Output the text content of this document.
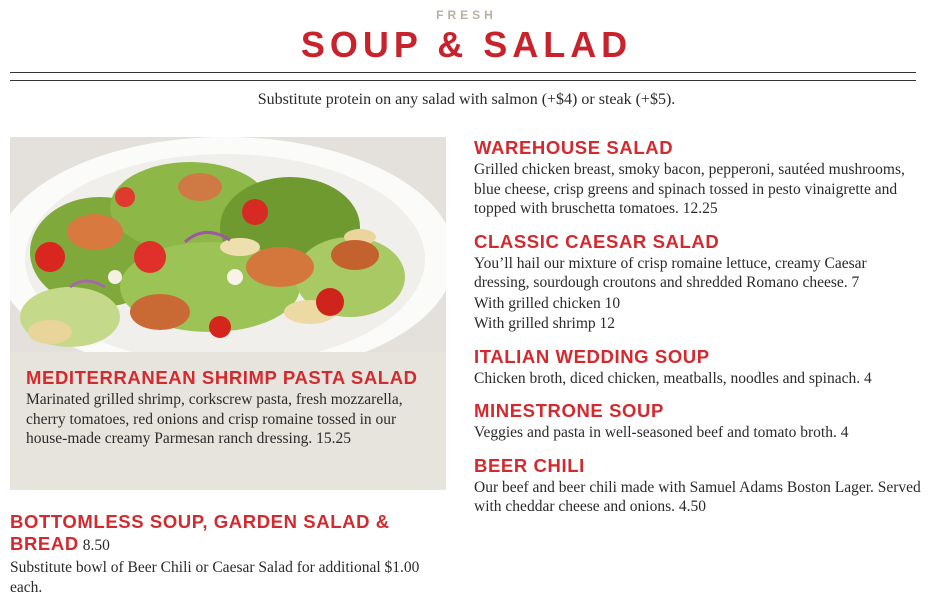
FRESH
SOUP & SALAD
Substitute protein on any salad with salmon (+$4) or steak (+$5).

MEDITERRANEAN SHRIMP PASTA SALAD

Marinated grilled shrimp, corkscrew pasta, fresh mozzarella, cherry tomatoes, red onions and crisp romaine tossed in our house-made creamy Parmesan ranch dressing. 15.25

BOTTOMLESS SOUP, GARDEN SALAD & BREAD 8.50

Substitute bowl of Beer Chili or Caesar Salad for additional $1.00 each.

WAREHOUSE SALAD

Grilled chicken breast, smoky bacon, pepperoni, sautéed mushrooms, blue cheese, crisp greens and spinach tossed in pesto vinaigrette and topped with bruschetta tomatoes. 12.25

CLASSIC CAESAR SALAD

You’ll hail our mixture of crisp romaine lettuce, creamy Caesar dressing, sourdough croutons and shredded Romano cheese. 7

With grilled chicken 10

With grilled shrimp 12

ITALIAN WEDDING SOUP

Chicken broth, diced chicken, meatballs, noodles and spinach. 4

MINESTRONE SOUP

Veggies and pasta in well-seasoned beef and tomato broth. 4

BEER CHILI

Our beef and beer chili made with Samuel Adams Boston Lager. Served with cheddar cheese and onions. 4.50
